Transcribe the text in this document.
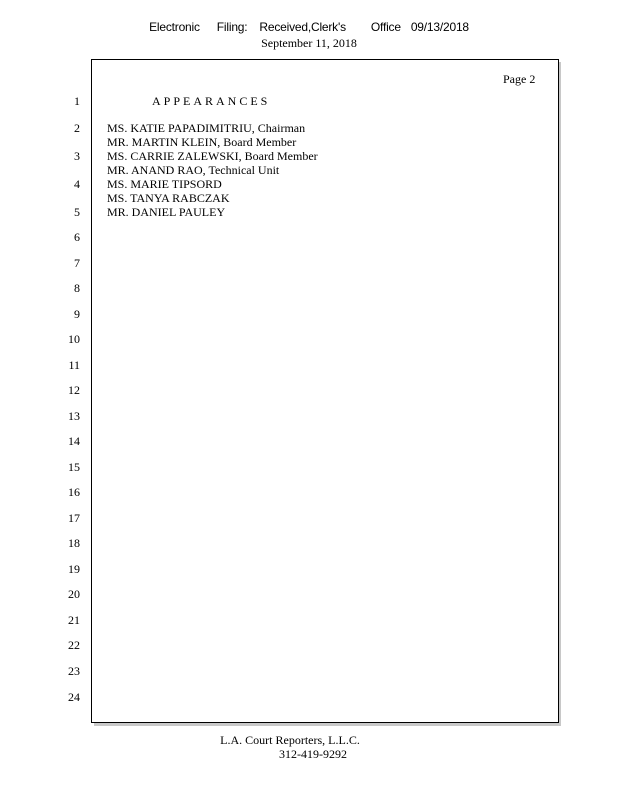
Electronic Filing: Received,Clerk's Office 09/13/2018
September 11, 2018
Page 2
1
2
3
4
5
6
7
8
9
10
11
12
13
14
15
16
17
18
19
20
21
22
23
24
APPEARANCES
MS. KATIE PAPADIMITRIU, Chairman
MR. MARTIN KLEIN, Board Member
MS. CARRIE ZALEWSKI, Board Member
MR. ANAND RAO, Technical Unit
MS. MARIE TIPSORD
MS. TANYA RABCZAK
MR. DANIEL PAULEY
L.A. Court Reporters, L.L.C.
312-419-9292
